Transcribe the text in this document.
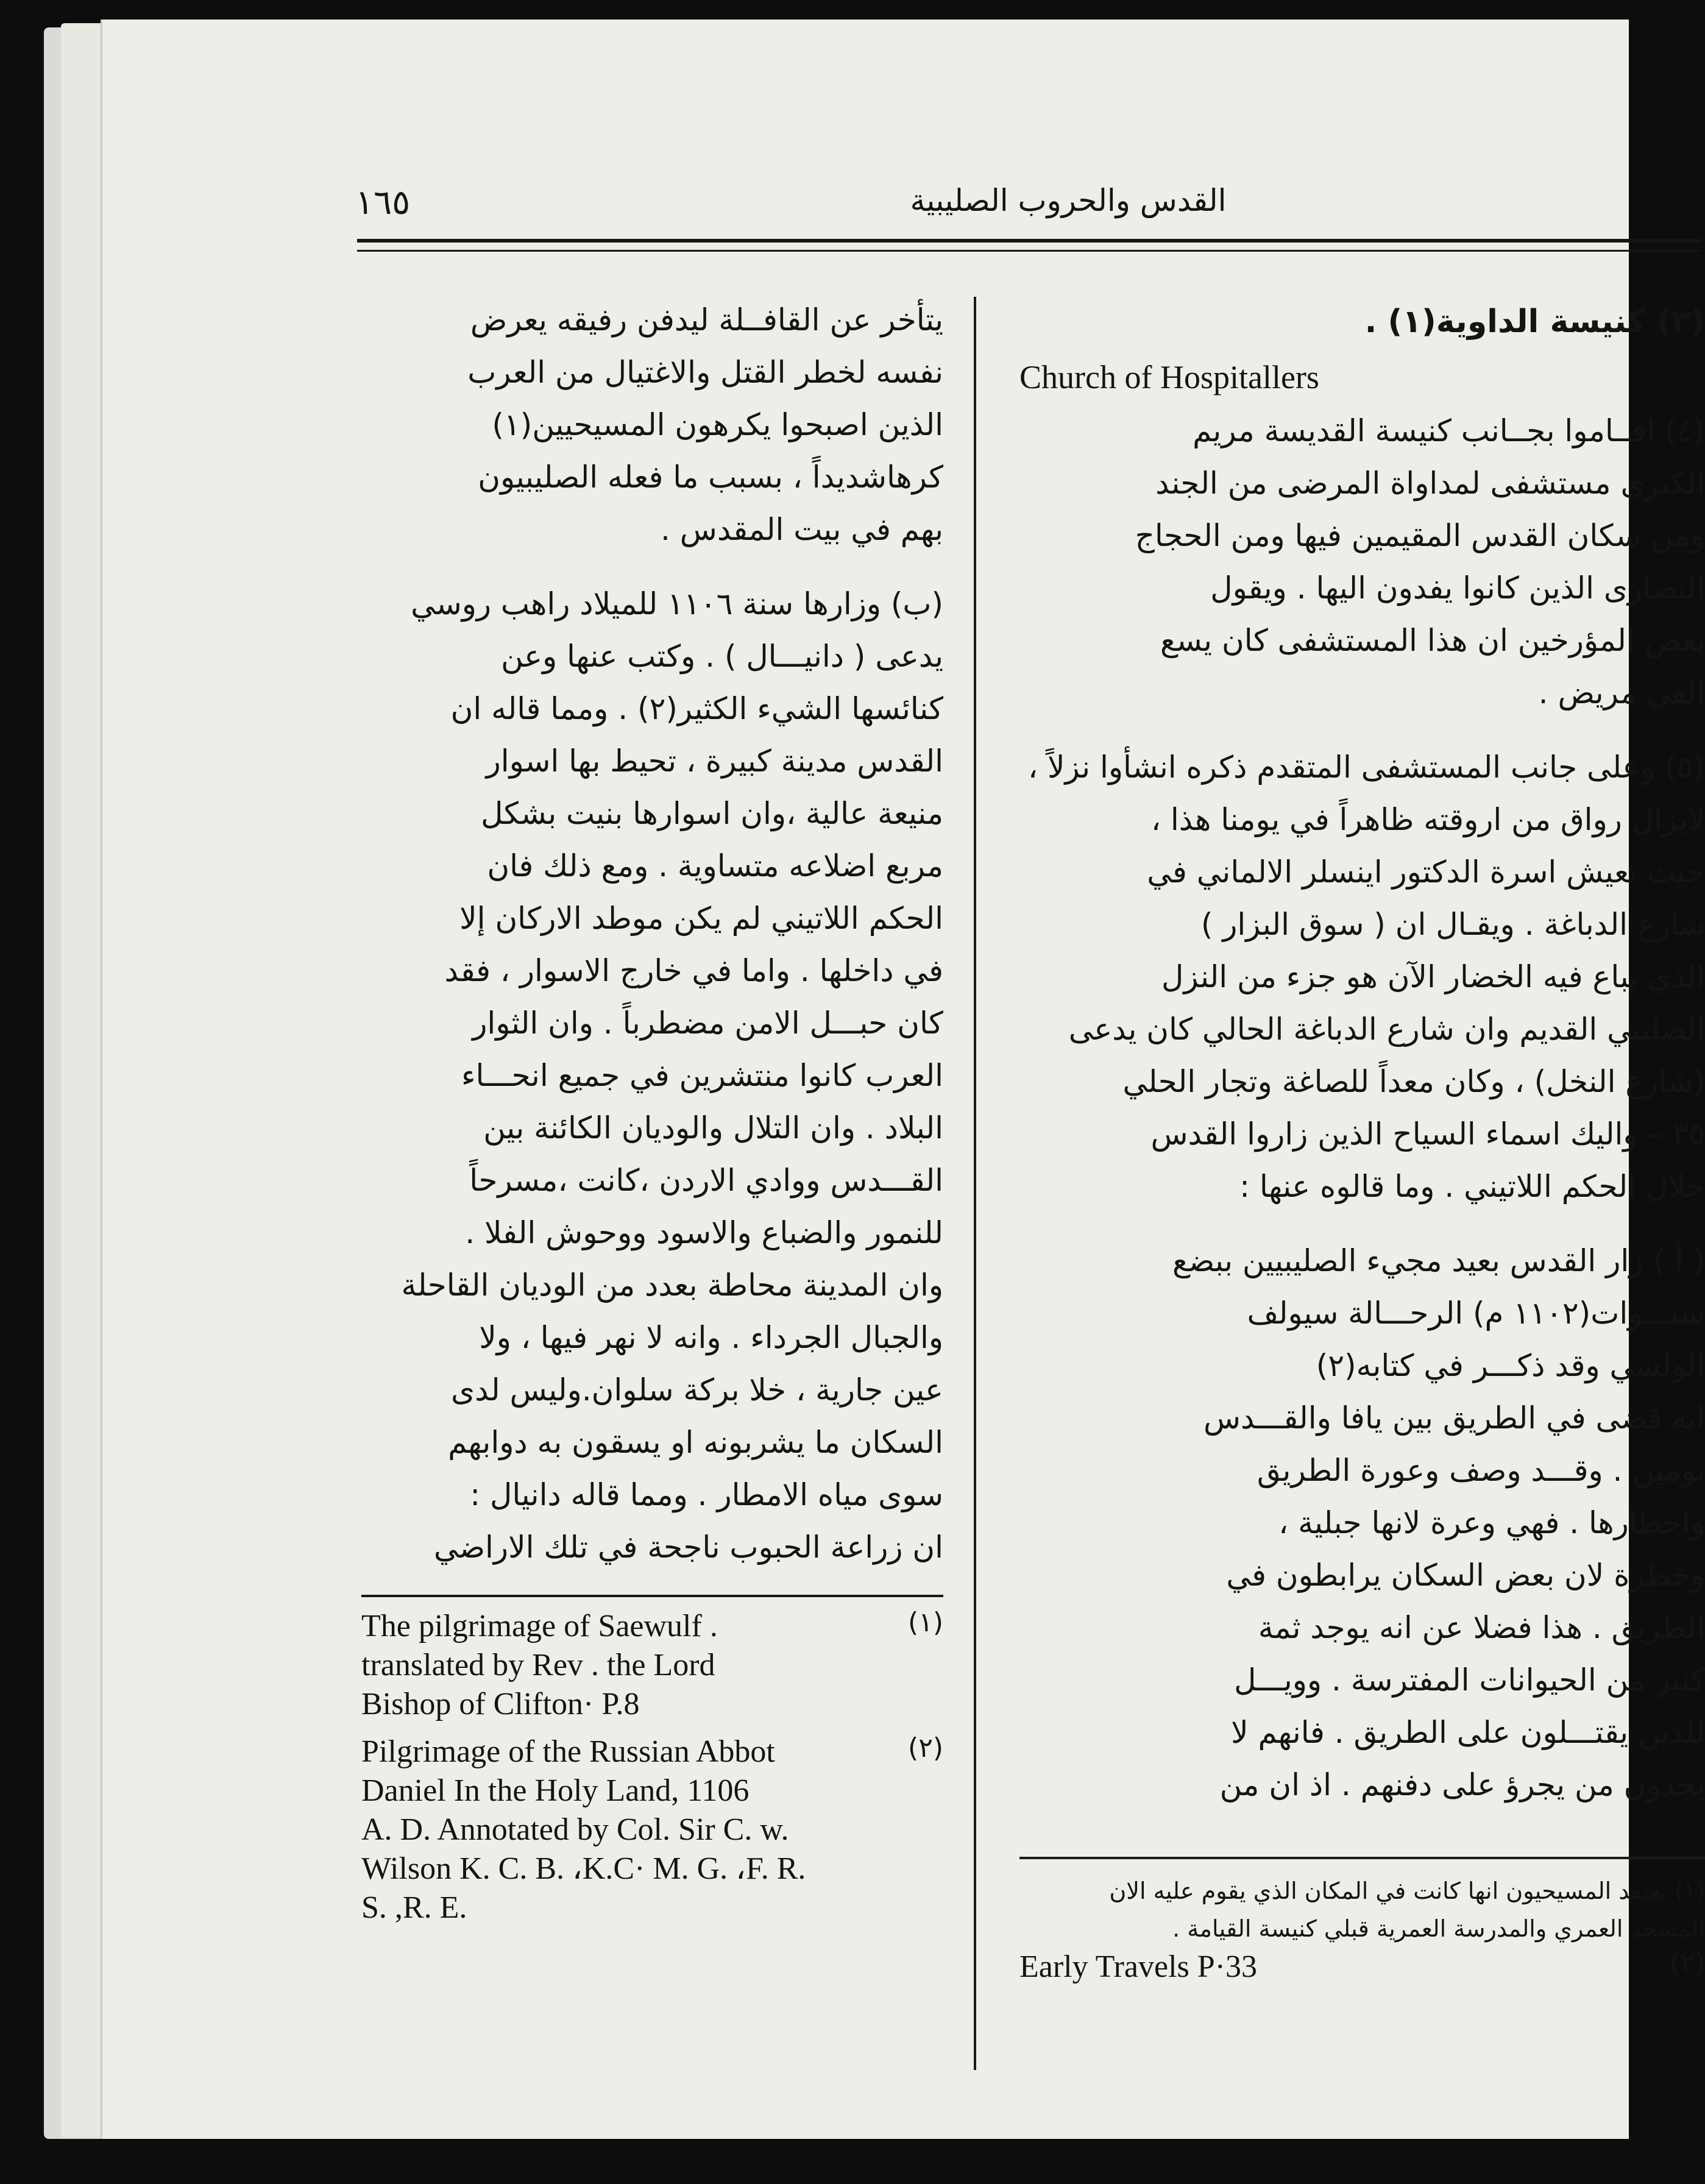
١٦٥	القدس والحروب الصليبية
(٣) كنيسة الداوية(١) .
Church of Hospitallers
(٤) اقــاموا بجــانب كنيسة القديسة مريم
الكبرى مستشفى لمداواة المرضى من الجند
ومن سكان القدس المقيمين فيها ومن الحجاج
النصارى الذين كانوا يفدون اليها . ويقول
بعض المؤرخين ان هذا المستشفى كان يسع
الفي مريض .
(٥) وعلى جانب المستشفى المتقدم ذكره انشأوا نزلاً ،
لايزال رواق من اروقته ظاهراً في يومنا هذا ،
حيث تعيش اسرة الدكتور اينسلر الالماني في
شارع الدباغة . ويقـال ان ( سوق البزار )
الذي يباع فيه الخضار الآن هو جزء من النزل
الصليبي القديم وان شارع الدباغة الحالي كان يدعى
(شارع النخل) ، وكان معداً للصاغة وتجار الحلي
٣٥ – واليك اسماء السياح الذين زاروا القدس
خلال الحكم اللاتيني . وما قالوه عنها :
( أ ) زار القدس بعيد مجيء الصليبيين ببضع
سنـــوات(١١٠٢ م) الرحـــالة سيولف
الولشي وقد ذكـــر في كتابه(٢)
انه قضى في الطريق بين يافا والقـــدس
يومين . وقـــد وصف وعورة الطريق
واخطارها . فهي وعرة لانها جبلية ،
وخطرة لان بعض السكان يرابطون في
الطريق . هذا فضلا عن انه يوجد ثمة
كثير من الحيوانات المفترسة . وويـــل
للذين يقتـــلون على الطريق . فانهم لا
يجدون من يجرؤ على دفنهم . اذ ان من
(١) يعتقد المسيحيون انها كانت في المكان الذي يقوم عليه الان
المسجد العمري والمدرسة العمرية قبلي كنيسة القيامة .
(٢)
Early Travels P·33
يتأخر عن القافــلة ليدفن رفيقه يعرض
نفسه لخطر القتل والاغتيال من العرب
الذين اصبحوا يكرهون المسيحيين(١)
كرهاشديداً ، بسبب ما فعله الصليبيون
بهم في بيت المقدس .
(ب) وزارها سنة ١١٠٦ للميلاد راهب روسي
يدعى ( دانيـــال ) . وكتب عنها وعن
كنائسها الشيء الكثير(٢) . ومما قاله ان
القدس مدينة كبيرة ، تحيط بها اسوار
منيعة عالية ،وان اسوارها بنيت بشكل
مربع اضلاعه متساوية . ومع ذلك فان
الحكم اللاتيني لم يكن موطد الاركان إلا
في داخلها . واما في خارج الاسوار ، فقد
كان حبـــل الامن مضطرباً . وان الثوار
العرب كانوا منتشرين في جميع انحـــاء
البلاد . وان التلال والوديان الكائنة بين
القـــدس ووادي الاردن ،كانت ،مسرحاً
للنمور والضباع والاسود ووحوش الفلا .
وان المدينة محاطة بعدد من الوديان القاحلة
والجبال الجرداء . وانه لا نهر فيها ، ولا
عين جارية ، خلا بركة سلوان.وليس لدى
السكان ما يشربونه او يسقون به دوابهم
سوى مياه الامطار . ومما قاله دانيال :
ان زراعة الحبوب ناجحة في تلك الاراضي
(١)
The pilgrimage of Saewulf .
translated by Rev . the Lord
Bishop of Clifton· P.8
(٢)
Pilgrimage of the Russian Abbot
Daniel In the Holy Land, 1106
A. D. Annotated by Col. Sir C. w.
Wilson K. C. B. ،K.C· M. G. ،F. R.
S. ,R. E.
